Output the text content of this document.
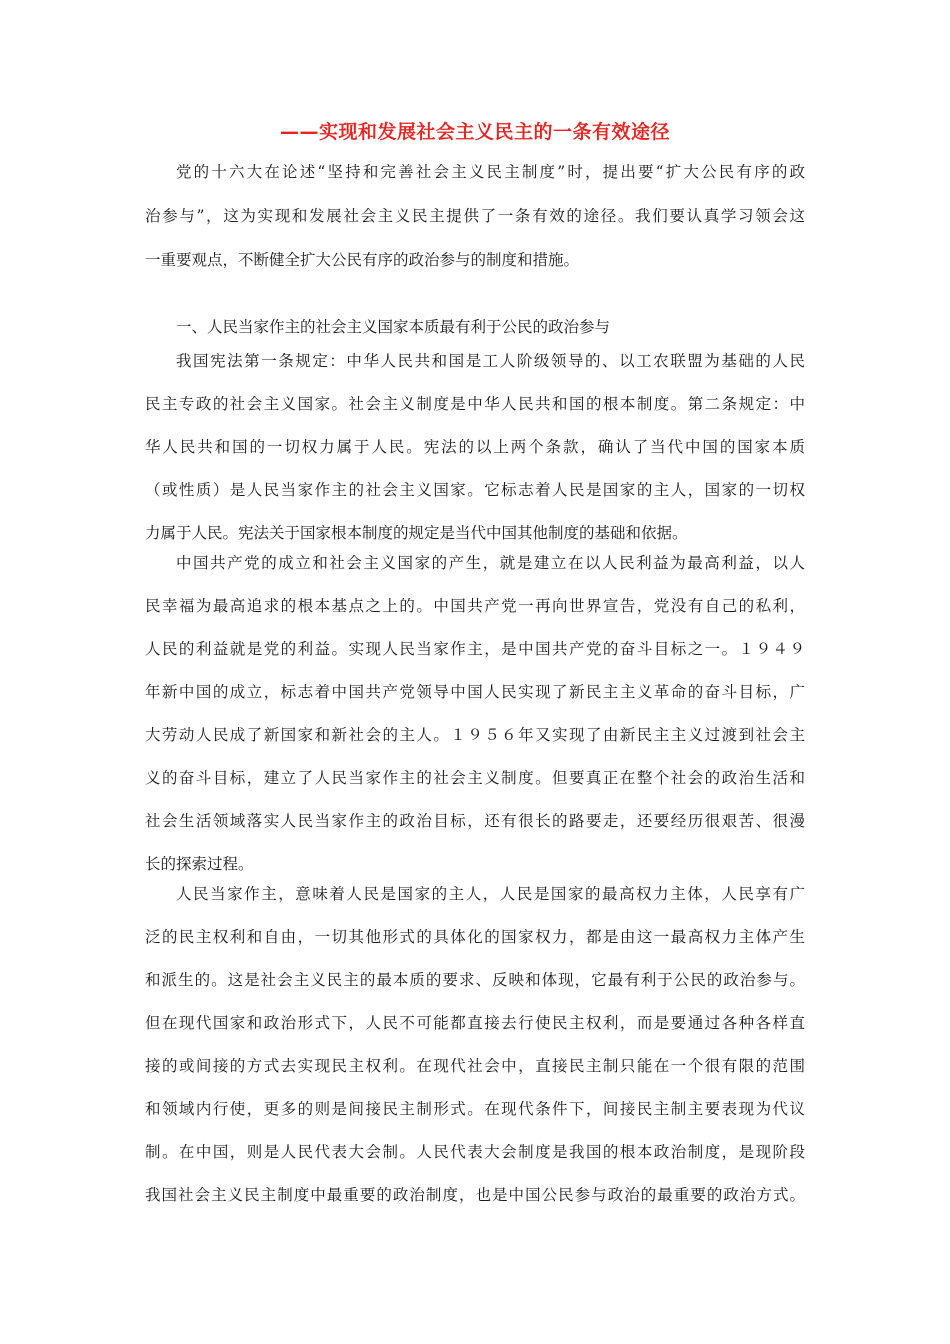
——实现和发展社会主义民主的一条有效途径
党的十六大在论述“坚持和完善社会主义民主制度”时，提出要“扩大公民有序的政
治参与”，这为实现和发展社会主义民主提供了一条有效的途径。我们要认真学习领会这
一重要观点，不断健全扩大公民有序的政治参与的制度和措施。
一、人民当家作主的社会主义国家本质最有利于公民的政治参与
我国宪法第一条规定：中华人民共和国是工人阶级领导的、以工农联盟为基础的人民
民主专政的社会主义国家。社会主义制度是中华人民共和国的根本制度。第二条规定：中
华人民共和国的一切权力属于人民。宪法的以上两个条款，确认了当代中国的国家本质
（或性质）是人民当家作主的社会主义国家。它标志着人民是国家的主人，国家的一切权
力属于人民。宪法关于国家根本制度的规定是当代中国其他制度的基础和依据。
中国共产党的成立和社会主义国家的产生，就是建立在以人民利益为最高利益，以人
民幸福为最高追求的根本基点之上的。中国共产党一再向世界宣告，党没有自己的私利，
人民的利益就是党的利益。实现人民当家作主，是中国共产党的奋斗目标之一。１９４９
年新中国的成立，标志着中国共产党领导中国人民实现了新民主主义革命的奋斗目标，广
大劳动人民成了新国家和新社会的主人。１９５６年又实现了由新民主主义过渡到社会主
义的奋斗目标，建立了人民当家作主的社会主义制度。但要真正在整个社会的政治生活和
社会生活领域落实人民当家作主的政治目标，还有很长的路要走，还要经历很艰苦、很漫
长的探索过程。
人民当家作主，意味着人民是国家的主人，人民是国家的最高权力主体，人民享有广
泛的民主权利和自由，一切其他形式的具体化的国家权力，都是由这一最高权力主体产生
和派生的。这是社会主义民主的最本质的要求、反映和体现，它最有利于公民的政治参与。
但在现代国家和政治形式下，人民不可能都直接去行使民主权利，而是要通过各种各样直
接的或间接的方式去实现民主权利。在现代社会中，直接民主制只能在一个很有限的范围
和领域内行使，更多的则是间接民主制形式。在现代条件下，间接民主制主要表现为代议
制。在中国，则是人民代表大会制。人民代表大会制度是我国的根本政治制度，是现阶段
我国社会主义民主制度中最重要的政治制度，也是中国公民参与政治的最重要的政治方式。
